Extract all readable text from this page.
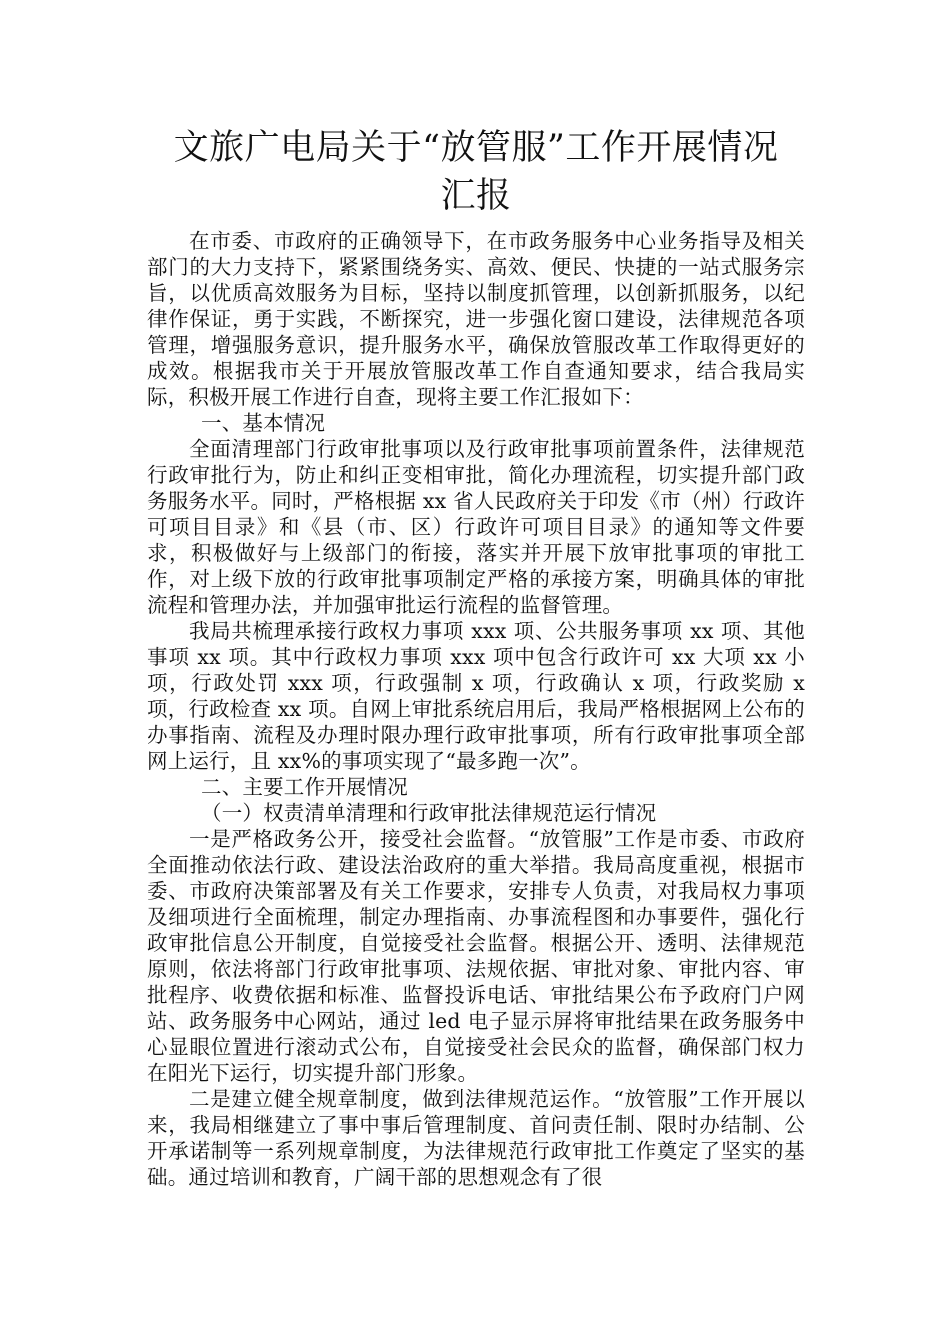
文旅广电局关于“放管服”工作开展情况
汇报

在市委、市政府的正确领导下，在市政务服务中心业务指导及相关部门的大力支持下，紧紧围绕务实、高效、便民、快捷的一站式服务宗旨，以优质高效服务为目标，坚持以制度抓管理，以创新抓服务，以纪律作保证，勇于实践，不断探究，进一步强化窗口建设，法律规范各项管理，增强服务意识，提升服务水平，确保放管服改革工作取得更好的成效。根据我市关于开展放管服改革工作自查通知要求，结合我局实际，积极开展工作进行自查，现将主要工作汇报如下：

一、基本情况

全面清理部门行政审批事项以及行政审批事项前置条件，法律规范行政审批行为，防止和纠正变相审批，简化办理流程，切实提升部门政务服务水平。同时，严格根据 xx 省人民政府关于印发《市（州）行政许可项目目录》和《县（市、区）行政许可项目目录》的通知等文件要求，积极做好与上级部门的衔接，落实并开展下放审批事项的审批工作，对上级下放的行政审批事项制定严格的承接方案，明确具体的审批流程和管理办法，并加强审批运行流程的监督管理。

我局共梳理承接行政权力事项 xxx 项、公共服务事项 xx 项、其他事项 xx 项。其中行政权力事项 xxx 项中包含行政许可 xx 大项 xx 小项，行政处罚 xxx 项，行政强制 x 项，行政确认 x 项，行政奖励 x 项，行政检查 xx 项。自网上审批系统启用后，我局严格根据网上公布的办事指南、流程及办理时限办理行政审批事项，所有行政审批事项全部网上运行，且 xx%的事项实现了“最多跑一次”。

二、主要工作开展情况

（一）权责清单清理和行政审批法律规范运行情况

一是严格政务公开，接受社会监督。“放管服”工作是市委、市政府全面推动依法行政、建设法治政府的重大举措。我局高度重视，根据市委、市政府决策部署及有关工作要求，安排专人负责，对我局权力事项及细项进行全面梳理，制定办理指南、办事流程图和办事要件，强化行政审批信息公开制度，自觉接受社会监督。根据公开、透明、法律规范原则，依法将部门行政审批事项、法规依据、审批对象、审批内容、审批程序、收费依据和标准、监督投诉电话、审批结果公布予政府门户网站、政务服务中心网站，通过 led 电子显示屏将审批结果在政务服务中心显眼位置进行滚动式公布，自觉接受社会民众的监督，确保部门权力在阳光下运行，切实提升部门形象。

二是建立健全规章制度，做到法律规范运作。“放管服”工作开展以来，我局相继建立了事中事后管理制度、首问责任制、限时办结制、公开承诺制等一系列规章制度，为法律规范行政审批工作奠定了坚实的基础。通过培训和教育，广阔干部的思想观念有了很
